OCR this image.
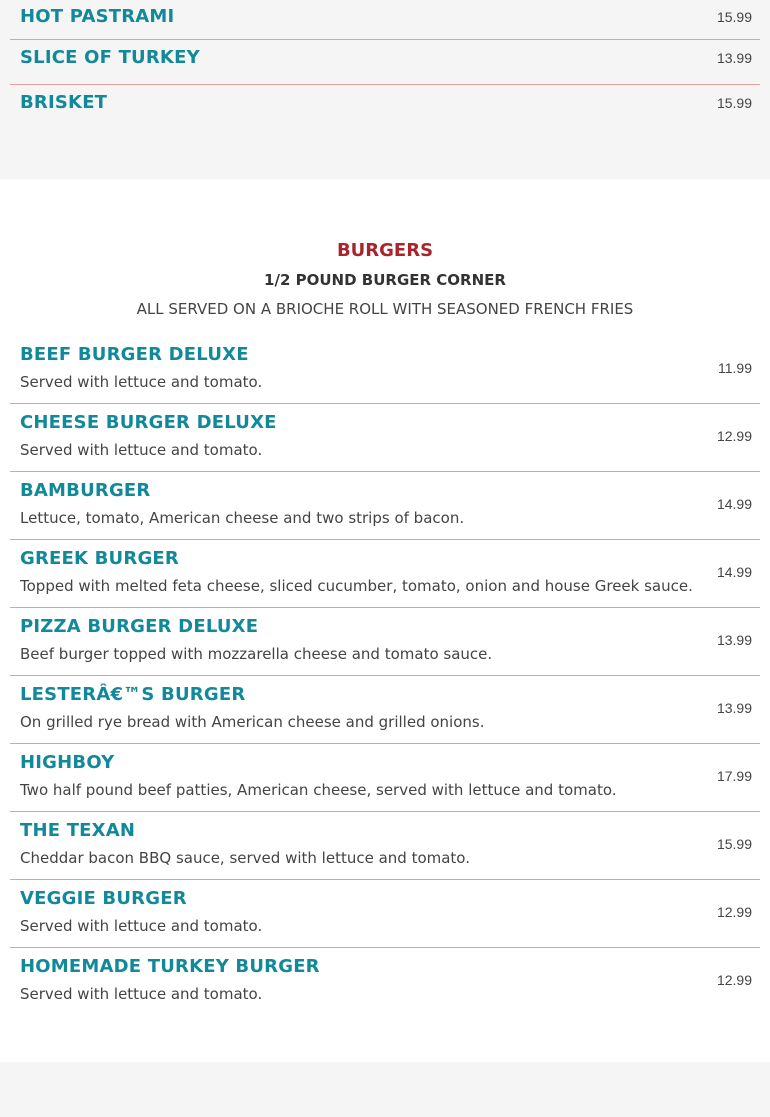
HOT PASTRAMI	15.99
SLICE OF TURKEY	13.99
BRISKET	15.99
BURGERS
1/2 POUND BURGER CORNER
ALL SERVED ON A BRIOCHE ROLL WITH SEASONED FRENCH FRIES
BEEF BURGER DELUXE
Served with lettuce and tomato.
11.99
CHEESE BURGER DELUXE
Served with lettuce and tomato.
12.99
BAMBURGER
Lettuce, tomato, American cheese and two strips of bacon.
14.99
GREEK BURGER
Topped with melted feta cheese, sliced cucumber, tomato, onion and house Greek sauce.
14.99
PIZZA BURGER DELUXE
Beef burger topped with mozzarella cheese and tomato sauce.
13.99
LESTERÂ€™S BURGER
On grilled rye bread with American cheese and grilled onions.
13.99
HIGHBOY
Two half pound beef patties, American cheese, served with lettuce and tomato.
17.99
THE TEXAN
Cheddar bacon BBQ sauce, served with lettuce and tomato.
15.99
VEGGIE BURGER
Served with lettuce and tomato.
12.99
HOMEMADE TURKEY BURGER
Served with lettuce and tomato.
12.99
